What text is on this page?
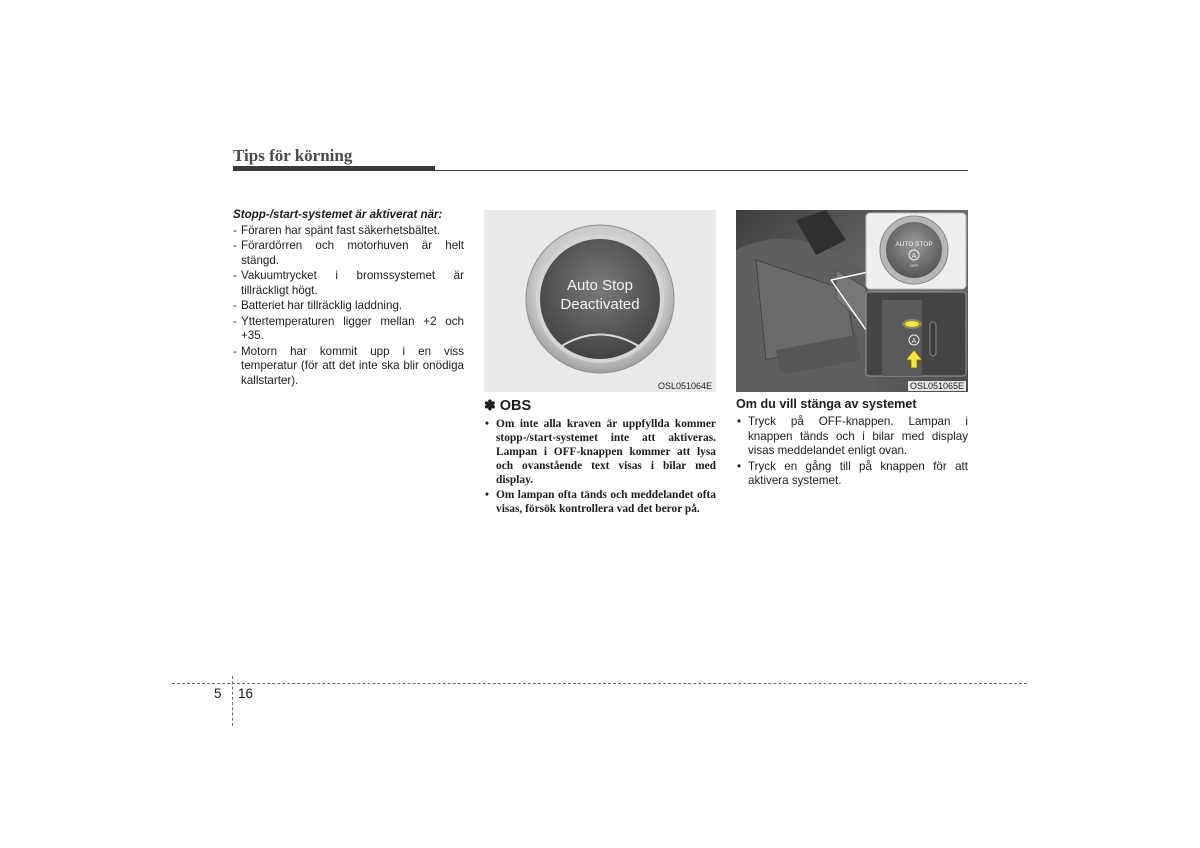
Tips för körning

Stopp-/start-systemet är aktiverat när:

- Föraren har spänt fast säkerhetsbältet.
- Förardörren och motorhuven är helt stängd.
- Vakuumtrycket i bromssystemet är tillräckligt högt.
- Batteriet har tillräcklig laddning.
- Yttertemperaturen ligger mellan +2 och +35.
- Motorn har kommit upp i en viss temperatur (för att det inte ska blir onödiga kallstarter).
Auto Stop
Deactivated
OSL051064E
AUTO STOP
A
OFF
A
OSL051065E
✽ OBS
• Om inte alla kraven är uppfyllda kommer stopp-/start-systemet inte att aktiveras. Lampan i OFF-knappen kommer att lysa och ovanstående text visas i bilar med display.
• Om lampan ofta tänds och meddelandet ofta visas, försök kontrollera vad det beror på.
Om du vill stänga av systemet
• Tryck på OFF-knappen. Lampan i knappen tänds och i bilar med display visas meddelandet enligt ovan.
• Tryck en gång till på knappen för att aktivera systemet.
5 16
